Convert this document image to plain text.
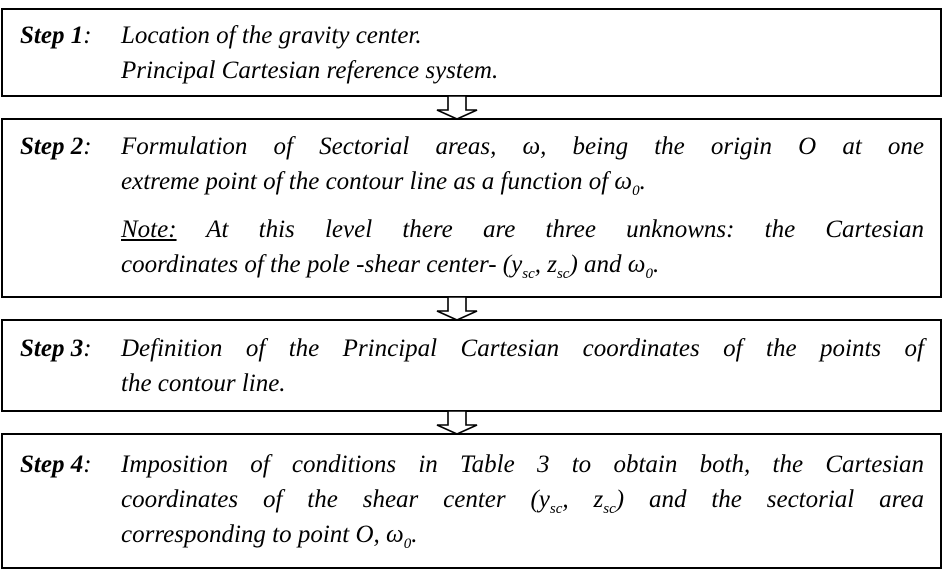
Step 1:	Location of the gravity center.

Principal Cartesian reference system.

Step 2:	Formulation of Sectorial areas, ω, being the origin O at one

extreme point of the contour line as a function of $\omega_0$.

Note: At this level there are three unknowns: the Cartesian

coordinates of the pole -shear center- ($y_{sc}$, $z_{sc}$) and $\omega_0$.

Step 3:	Definition of the Principal Cartesian coordinates of the points of

the contour line.

Step 4:	Imposition of conditions in Table 3 to obtain both, the Cartesian

coordinates of the shear center ($y_{sc}$, $z_{sc}$) and the sectorial area

corresponding to point O, $\omega_0$.
